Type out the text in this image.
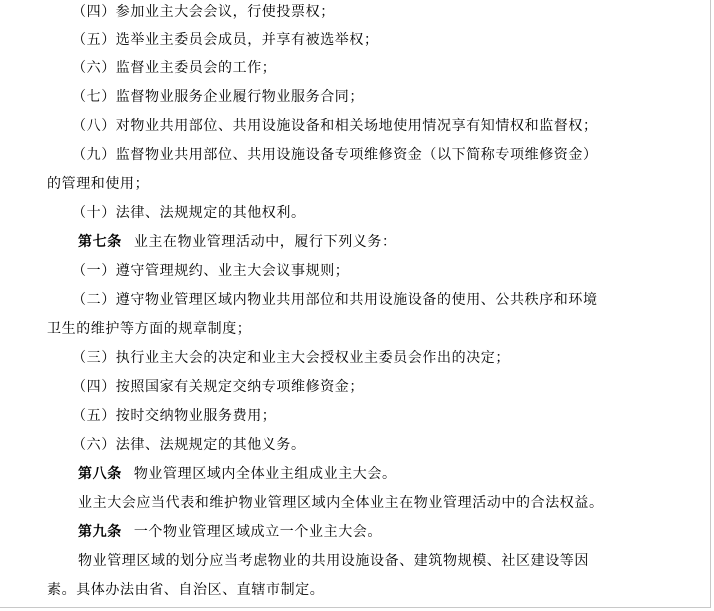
（四）参加业主大会会议，行使投票权；
（五）选举业主委员会成员，并享有被选举权；
（六）监督业主委员会的工作；
（七）监督物业服务企业履行物业服务合同；
（八）对物业共用部位、共用设施设备和相关场地使用情况享有知情权和监督权；
（九）监督物业共用部位、共用设施设备专项维修资金（以下简称专项维修资金）
的管理和使用；
（十）法律、法规规定的其他权利。
第七条 业主在物业管理活动中，履行下列义务：
（一）遵守管理规约、业主大会议事规则；
（二）遵守物业管理区域内物业共用部位和共用设施设备的使用、公共秩序和环境
卫生的维护等方面的规章制度；
（三）执行业主大会的决定和业主大会授权业主委员会作出的决定；
（四）按照国家有关规定交纳专项维修资金；
（五）按时交纳物业服务费用；
（六）法律、法规规定的其他义务。
第八条 物业管理区域内全体业主组成业主大会。
业主大会应当代表和维护物业管理区域内全体业主在物业管理活动中的合法权益。
第九条 一个物业管理区域成立一个业主大会。
物业管理区域的划分应当考虑物业的共用设施设备、建筑物规模、社区建设等因
素。具体办法由省、自治区、直辖市制定。
